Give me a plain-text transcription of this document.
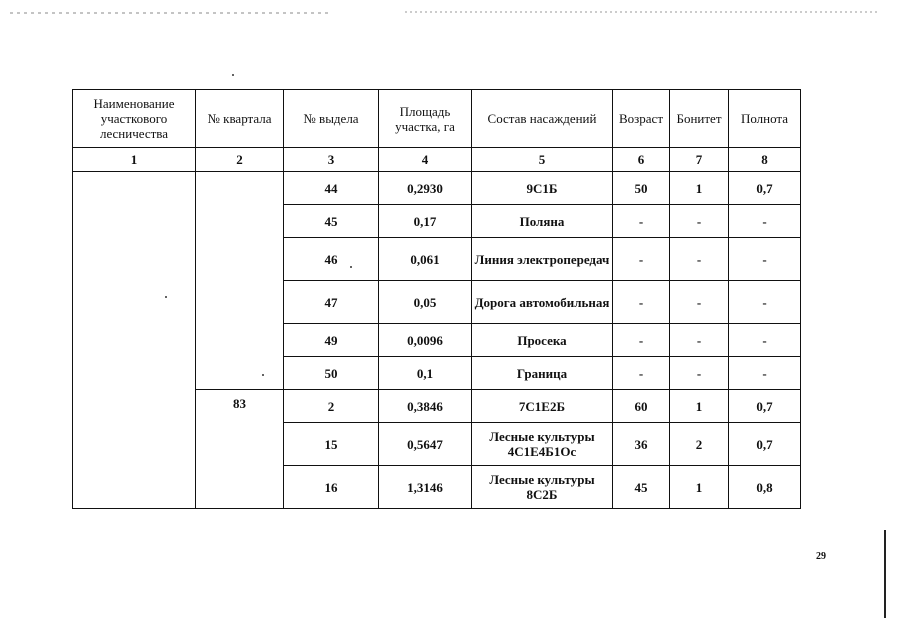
Наименование участкового лесничества	№ квартала	№ выдела	Площадь участка, га	Состав насаждений	Возраст	Бонитет	Полнота
1	2	3	4	5	6	7	8
		44	0,2930	9С1Б	50	1	0,7
		45	0,17	Поляна	-	-	-
		46	0,061	Линия электропередач	-	-	-
		47	0,05	Дорога автомобильная	-	-	-
		49	0,0096	Просека	-	-	-
		50	0,1	Граница	-	-	-
	83	2	0,3846	7С1Е2Б	60	1	0,7
		15	0,5647	Лесные культуры 4С1Е4Б1Ос	36	2	0,7
		16	1,3146	Лесные культуры 8С2Б	45	1	0,8
29
